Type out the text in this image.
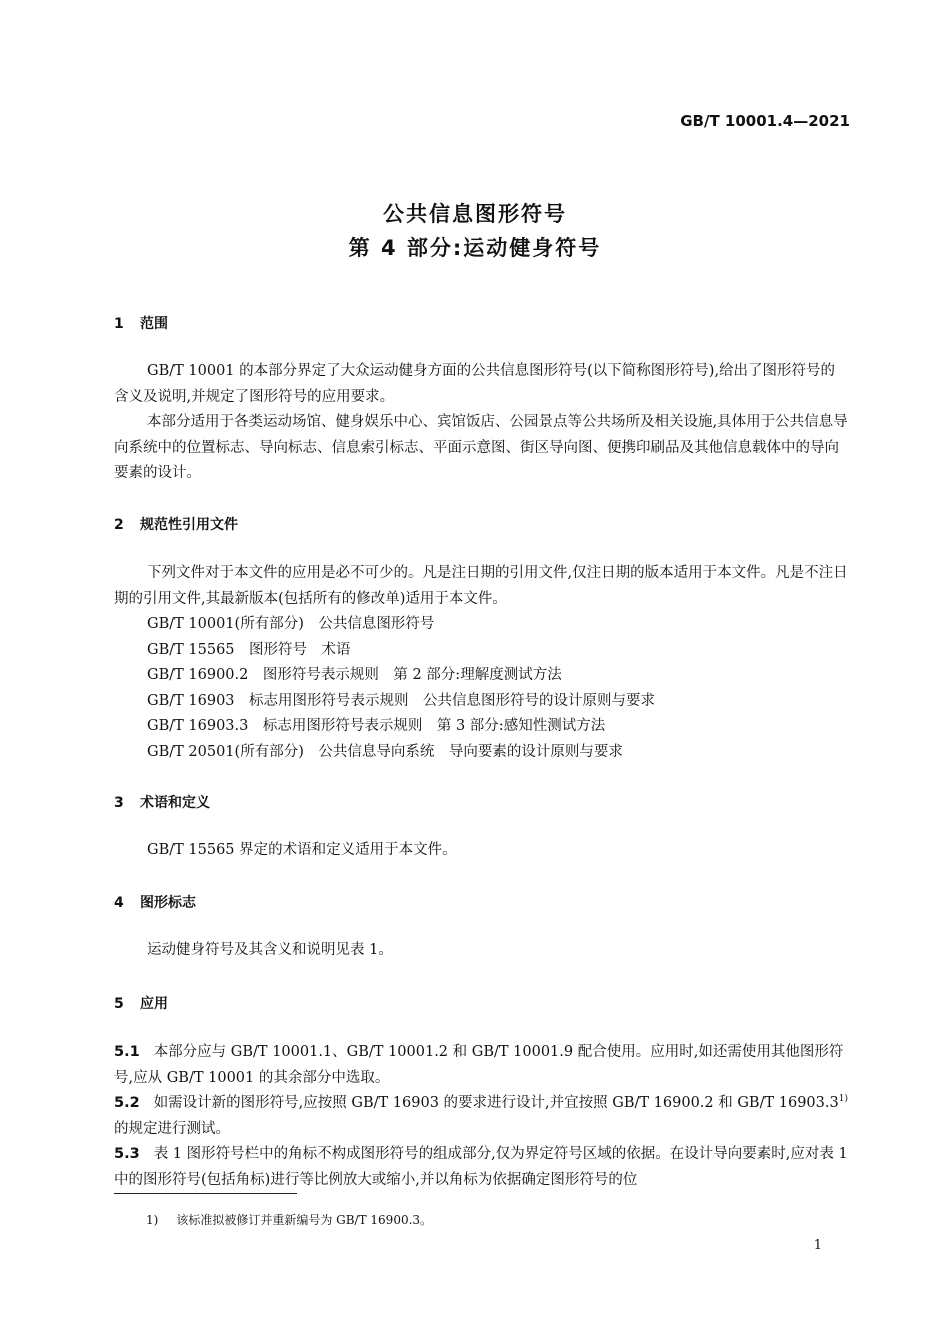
GB/T 10001.4—2021
公共信息图形符号
第 4 部分:运动健身符号
1 范围
GB/T 10001 的本部分界定了大众运动健身方面的公共信息图形符号(以下简称图形符号),给出了图形符号的含义及说明,并规定了图形符号的应用要求。
本部分适用于各类运动场馆、健身娱乐中心、宾馆饭店、公园景点等公共场所及相关设施,具体用于公共信息导向系统中的位置标志、导向标志、信息索引标志、平面示意图、街区导向图、便携印刷品及其他信息载体中的导向要素的设计。
2 规范性引用文件
下列文件对于本文件的应用是必不可少的。凡是注日期的引用文件,仅注日期的版本适用于本文件。凡是不注日期的引用文件,其最新版本(包括所有的修改单)适用于本文件。
GB/T 10001(所有部分)　公共信息图形符号
GB/T 15565　图形符号　术语
GB/T 16900.2　图形符号表示规则　第 2 部分:理解度测试方法
GB/T 16903　标志用图形符号表示规则　公共信息图形符号的设计原则与要求
GB/T 16903.3　标志用图形符号表示规则　第 3 部分:感知性测试方法
GB/T 20501(所有部分)　公共信息导向系统　导向要素的设计原则与要求
3 术语和定义
GB/T 15565 界定的术语和定义适用于本文件。
4 图形标志
运动健身符号及其含义和说明见表 1。
5 应用
5.1 本部分应与 GB/T 10001.1、GB/T 10001.2 和 GB/T 10001.9 配合使用。应用时,如还需使用其他图形符号,应从 GB/T 10001 的其余部分中选取。
5.2 如需设计新的图形符号,应按照 GB/T 16903 的要求进行设计,并宜按照 GB/T 16900.2 和 GB/T 16903.3$^{1)}$ 的规定进行测试。
5.3 表 1 图形符号栏中的角标不构成图形符号的组成部分,仅为界定符号区域的依据。在设计导向要素时,应对表 1 中的图形符号(包括角标)进行等比例放大或缩小,并以角标为依据确定图形符号的位
1) 该标准拟被修订并重新编号为 GB/T 16900.3。
1
